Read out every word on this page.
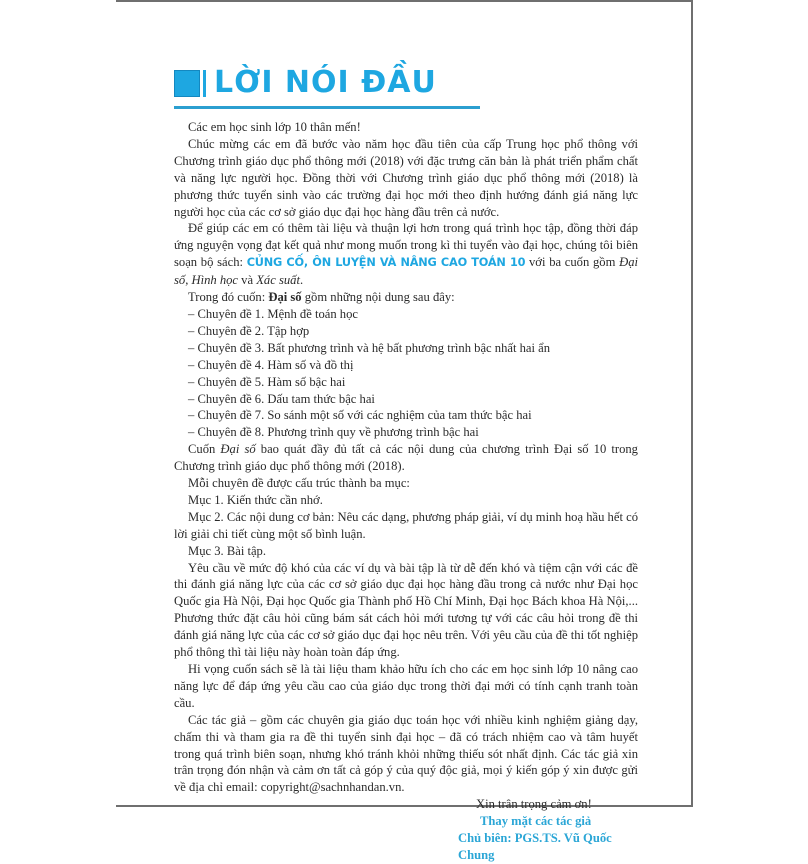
LỜI NÓI ĐẦU

Các em học sinh lớp 10 thân mến!

Chúc mừng các em đã bước vào năm học đầu tiên của cấp Trung học phổ thông với Chương trình giáo dục phổ thông mới (2018) với đặc trưng căn bản là phát triển phẩm chất và năng lực người học. Đồng thời với Chương trình giáo dục phổ thông mới (2018) là phương thức tuyển sinh vào các trường đại học mới theo định hướng đánh giá năng lực người học của các cơ sở giáo dục đại học hàng đầu trên cả nước.

Để giúp các em có thêm tài liệu và thuận lợi hơn trong quá trình học tập, đồng thời đáp ứng nguyện vọng đạt kết quả như mong muốn trong kì thi tuyển vào đại học, chúng tôi biên soạn bộ sách: CỦNG CỐ, ÔN LUYỆN VÀ NÂNG CAO TOÁN 10 với ba cuốn gồm Đại số, Hình học và Xác suất.

Trong đó cuốn: Đại số gồm những nội dung sau đây:

– Chuyên đề 1. Mệnh đề toán học

– Chuyên đề 2. Tập hợp

– Chuyên đề 3. Bất phương trình và hệ bất phương trình bậc nhất hai ẩn

– Chuyên đề 4. Hàm số và đồ thị

– Chuyên đề 5. Hàm số bậc hai

– Chuyên đề 6. Dấu tam thức bậc hai

– Chuyên đề 7. So sánh một số với các nghiệm của tam thức bậc hai

– Chuyên đề 8. Phương trình quy về phương trình bậc hai

Cuốn Đại số bao quát đầy đủ tất cả các nội dung của chương trình Đại số 10 trong Chương trình giáo dục phổ thông mới (2018).

Mỗi chuyên đề được cấu trúc thành ba mục:

Mục 1. Kiến thức cần nhớ.

Mục 2. Các nội dung cơ bản: Nêu các dạng, phương pháp giải, ví dụ minh hoạ hầu hết có lời giải chi tiết cùng một số bình luận.

Mục 3. Bài tập.

Yêu cầu về mức độ khó của các ví dụ và bài tập là từ dễ đến khó và tiệm cận với các đề thi đánh giá năng lực của các cơ sở giáo dục đại học hàng đầu trong cả nước như Đại học Quốc gia Hà Nội, Đại học Quốc gia Thành phố Hồ Chí Minh, Đại học Bách khoa Hà Nội,... Phương thức đặt câu hỏi cũng bám sát cách hỏi mới tương tự với các câu hỏi trong đề thi đánh giá năng lực của các cơ sở giáo dục đại học nêu trên. Với yêu cầu của đề thi tốt nghiệp phổ thông thì tài liệu này hoàn toàn đáp ứng.

Hi vọng cuốn sách sẽ là tài liệu tham khảo hữu ích cho các em học sinh lớp 10 nâng cao năng lực để đáp ứng yêu cầu cao của giáo dục trong thời đại mới có tính cạnh tranh toàn cầu.

Các tác giả – gồm các chuyên gia giáo dục toán học với nhiều kinh nghiệm giảng dạy, chấm thi và tham gia ra đề thi tuyển sinh đại học – đã có trách nhiệm cao và tâm huyết trong quá trình biên soạn, nhưng khó tránh khỏi những thiếu sót nhất định. Các tác giả xin trân trọng đón nhận và cảm ơn tất cả góp ý của quý độc giả, mọi ý kiến góp ý xin được gửi về địa chỉ email: copyright@sachnhandan.vn.

Xin trân trọng cảm ơn!

Thay mặt các tác giả

Chủ biên: PGS.TS. Vũ Quốc Chung
